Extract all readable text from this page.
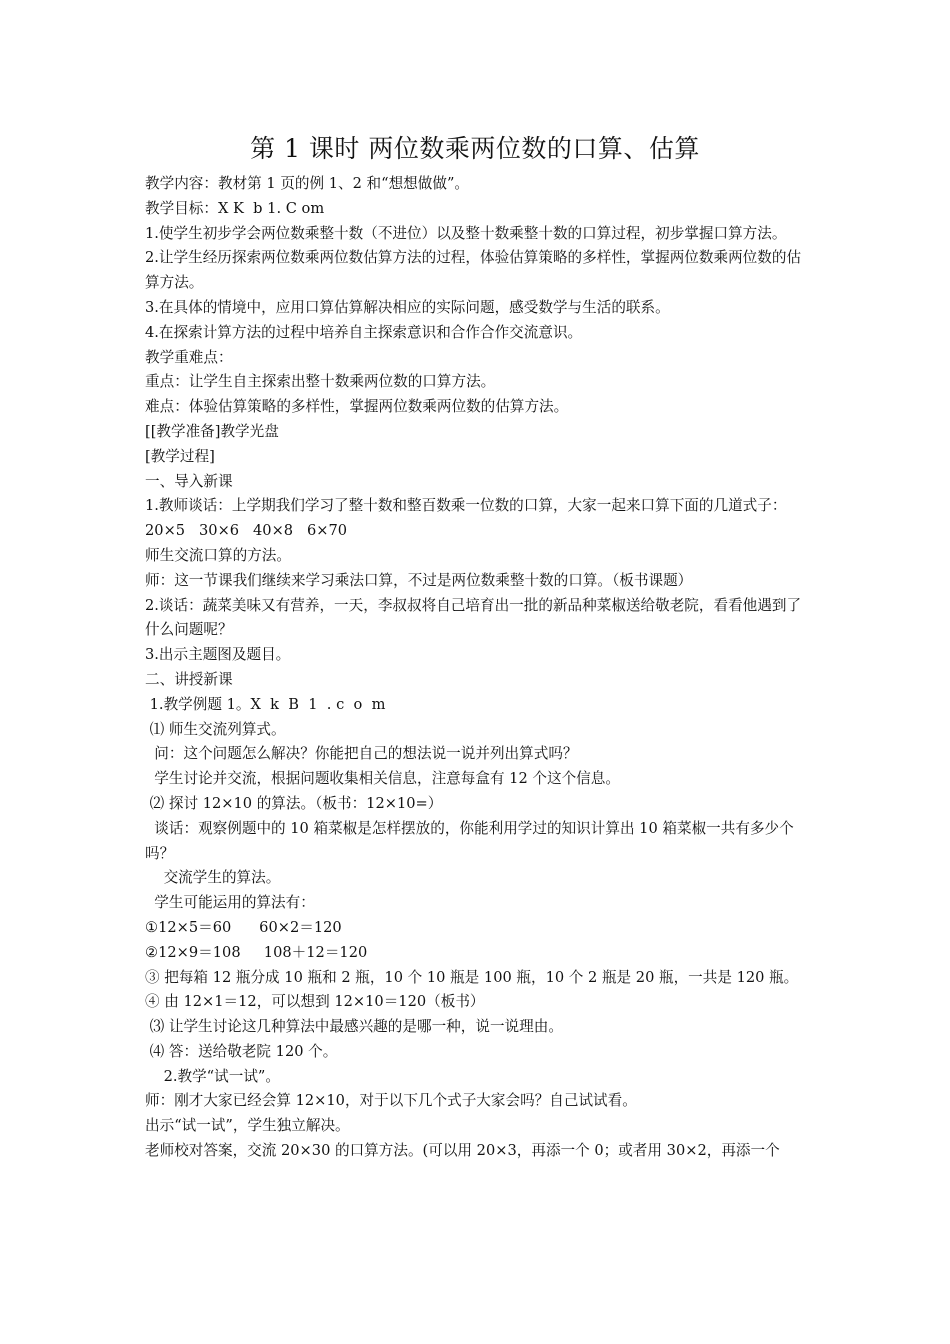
第 1 课时 两位数乘两位数的口算、估算

教学内容：教材第 1 页的例 1、2 和“想想做做”。

教学目标：X K  b 1. C om

1.使学生初步学会两位数乘整十数（不进位）以及整十数乘整十数的口算过程，初步掌握口算方法。

2.让学生经历探索两位数乘两位数估算方法的过程，体验估算策略的多样性，掌握两位数乘两位数的估算方法。

3.在具体的情境中，应用口算估算解决相应的实际问题，感受数学与生活的联系。

4.在探索计算方法的过程中培养自主探索意识和合作合作交流意识。

教学重难点：

重点：让学生自主探索出整十数乘两位数的口算方法。

难点：体验估算策略的多样性，掌握两位数乘两位数的估算方法。

[[教学准备]教学光盘

[教学过程]

一、导入新课

1.教师谈话：上学期我们学习了整十数和整百数乘一位数的口算，大家一起来口算下面的几道式子：

20×5   30×6   40×8   6×70

师生交流口算的方法。

师：这一节课我们继续来学习乘法口算，不过是两位数乘整十数的口算。（板书课题）

2.谈话：蔬菜美味又有营养，一天，李叔叔将自己培育出一批的新品种菜椒送给敬老院，看看他遇到了什么问题呢？

3.出示主题图及题目。

二、讲授新课

1.教学例题 1。X  k  B  1  . c  o  m

⑴ 师生交流列算式。

问：这个问题怎么解决？你能把自己的想法说一说并列出算式吗？

学生讨论并交流，根据问题收集相关信息，注意每盒有 12 个这个信息。

⑵ 探讨 12×10 的算法。（板书：12×10=）

谈话：观察例题中的 10 箱菜椒是怎样摆放的，你能利用学过的知识计算出 10 箱菜椒一共有多少个吗？

交流学生的算法。

学生可能运用的算法有：

①12×5＝60      60×2＝120

②12×9＝108     108＋12＝120

③ 把每箱 12 瓶分成 10 瓶和 2 瓶，10 个 10 瓶是 100 瓶，10 个 2 瓶是 20 瓶，一共是 120 瓶。

④ 由 12×1＝12，可以想到 12×10＝120（板书）

⑶ 让学生讨论这几种算法中最感兴趣的是哪一种，说一说理由。

⑷ 答：送给敬老院 120 个。

2.教学“试一试”。

师：刚才大家已经会算 12×10，对于以下几个式子大家会吗？自己试试看。

出示“试一试”，学生独立解决。

老师校对答案，交流 20×30 的口算方法。(可以用 20×3，再添一个 0；或者用 30×2，再添一个
